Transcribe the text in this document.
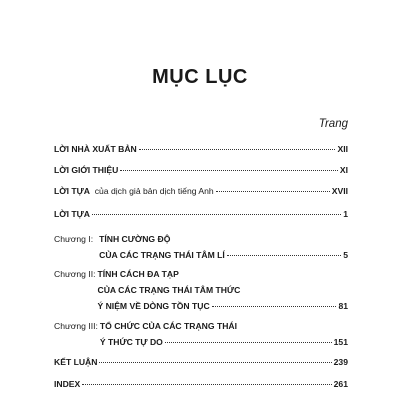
MỤC LỤC
Trang
LỜI NHÀ XUẤT BẢN	XII
LỜI GIỚI THIỆU	XI
LỜI TỰA của dịch giả bản dịch tiếng Anh	XVII
LỜI TỰA	1
Chương I: TÍNH CƯỜNG ĐỘ
CỦA CÁC TRẠNG THÁI TÂM LÍ	5
Chương II: TÍNH CÁCH ĐA TẠP
CỦA CÁC TRẠNG THÁI TÂM THỨC
Ý NIỆM VỀ DÒNG TỒN TỤC	81
Chương III: TỔ CHỨC CỦA CÁC TRẠNG THÁI
Ý THỨC TỰ DO	151
KẾT LUẬN	239
INDEX	261
